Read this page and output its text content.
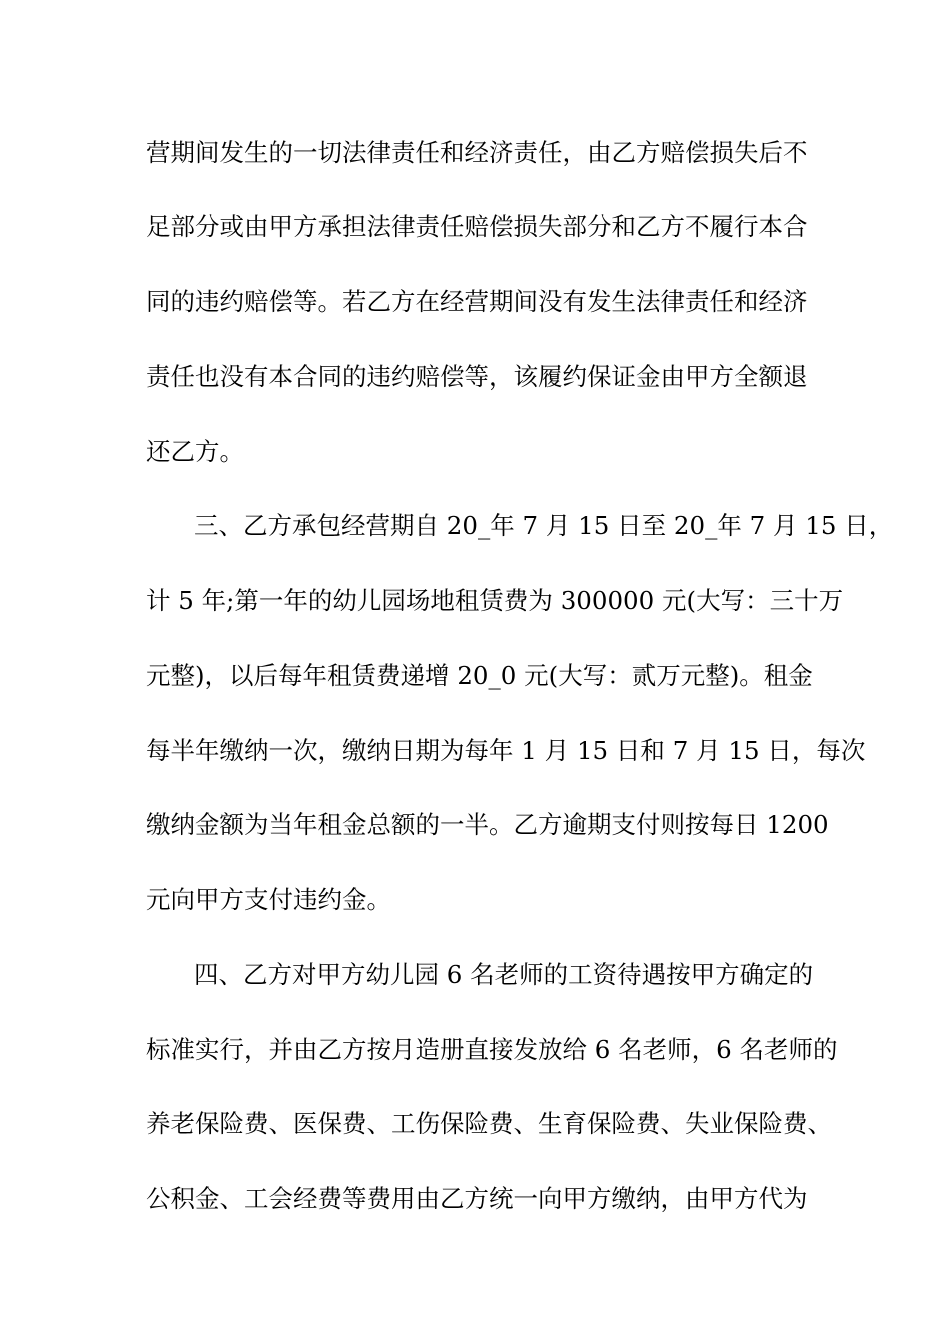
营期间发生的一切法律责任和经济责任，由乙方赔偿损失后不
足部分或由甲方承担法律责任赔偿损失部分和乙方不履行本合
同的违约赔偿等。若乙方在经营期间没有发生法律责任和经济
责任也没有本合同的违约赔偿等，该履约保证金由甲方全额退
还乙方。
三、乙方承包经营期自 20_年 7 月 15 日至 20_年 7 月 15 日，
计 5 年;第一年的幼儿园场地租赁费为 300000 元(大写：三十万
元整)，以后每年租赁费递增 20_0 元(大写：贰万元整)。租金
每半年缴纳一次，缴纳日期为每年 1 月 15 日和 7 月 15 日，每次
缴纳金额为当年租金总额的一半。乙方逾期支付则按每日 1200
元向甲方支付违约金。
四、乙方对甲方幼儿园 6 名老师的工资待遇按甲方确定的
标准实行，并由乙方按月造册直接发放给 6 名老师，6 名老师的
养老保险费、医保费、工伤保险费、生育保险费、失业保险费、
公积金、工会经费等费用由乙方统一向甲方缴纳，由甲方代为
